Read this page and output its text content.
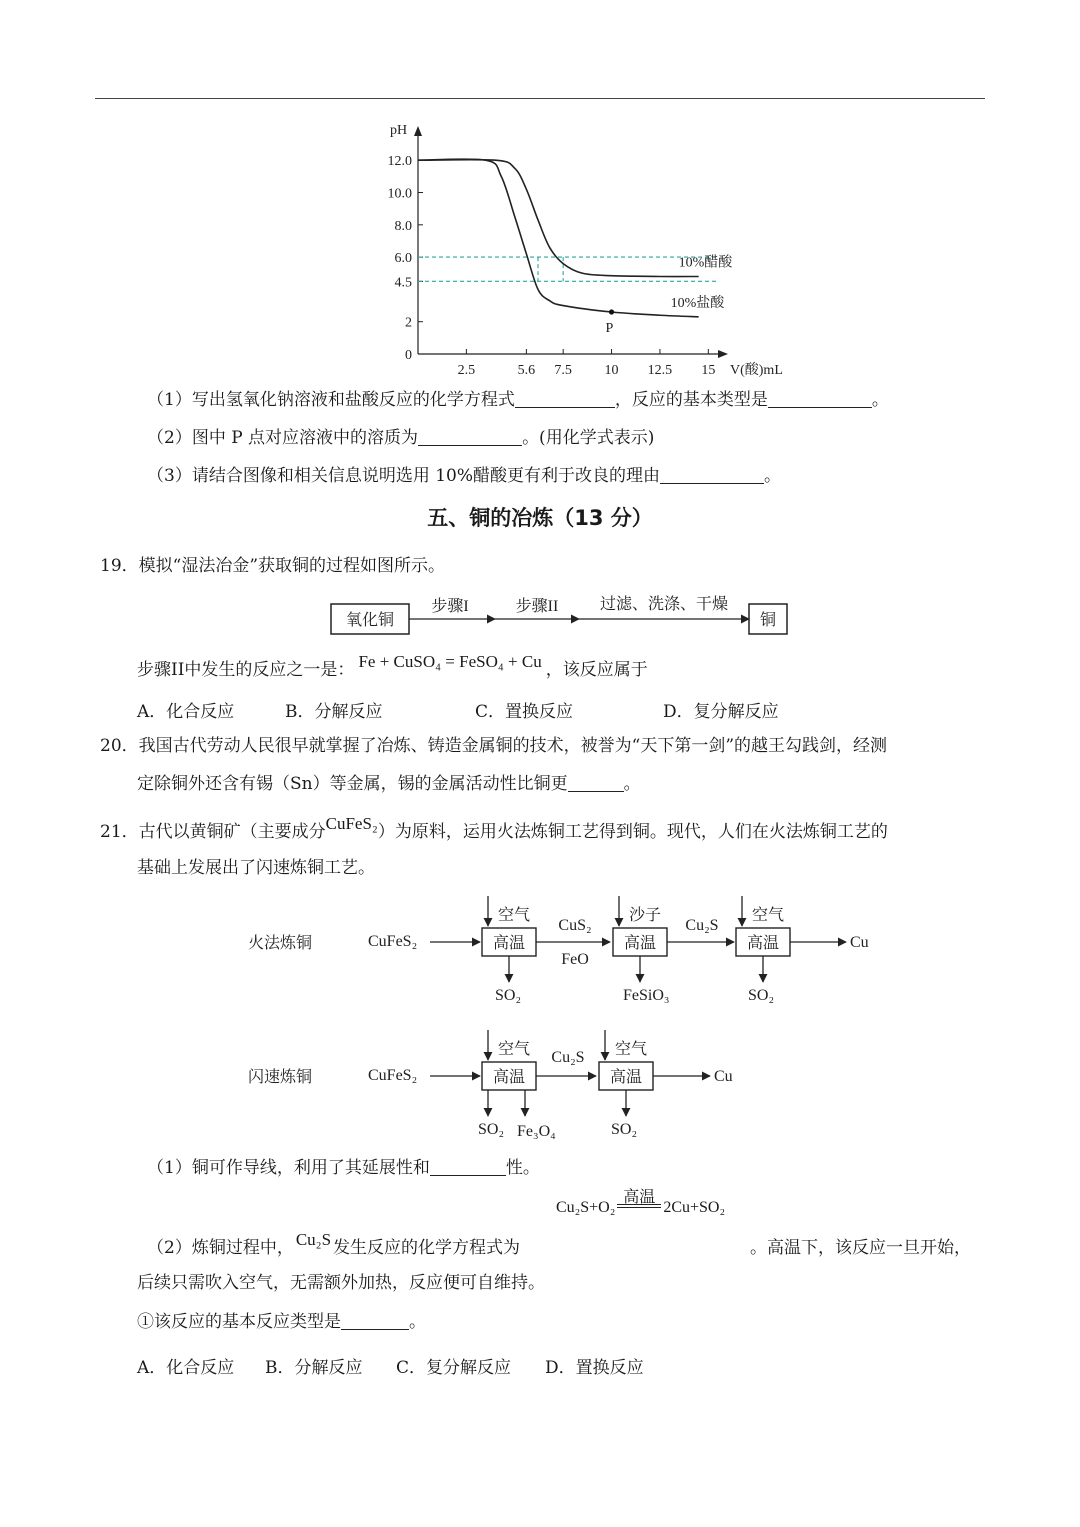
pH
12.0
10.0
8.0
6.0
4.5
2
0
2.5	5.6 7.5 10 12.5 15 V(酸)mL
10%醋酸
10%盐酸
P
（1）写出氢氧化钠溶液和盐酸反应的化学方程式	，反应的基本类型是	。
（2）图中 P 点对应溶液中的溶质为	。(用化学式表示)
（3）请结合图像和相关信息说明选用 10%醋酸更有利于改良的理由	。
五、铜的冶炼（13 分）
19．模拟“湿法冶金”获取铜的过程如图所示。
氧化铜
步骤I	步骤II	过滤、洗涤、干燥
铜
步骤II中发生的反应之一是： Fe + CuSO₄ = FeSO₄ + Cu ，该反应属于
A．化合反应	B．分解反应	C．置换反应	D．复分解反应
20．我国古代劳动人民很早就掌握了冶炼、铸造金属铜的技术，被誉为“天下第一剑”的越王勾践剑，经测
定除铜外还含有锡（Sn）等金属，锡的金属活动性比铜更	。
21．古代以黄铜矿（主要成分CuFeS₂）为原料，运用火法炼铜工艺得到铜。现代，人们在火法炼铜工艺的
基础上发展出了闪速炼铜工艺。
火法炼铜	CuFeS₂	高温
空气
SO₂
CuS₂
FeO
高温
沙子
FeSiO₃
Cu₂S
高温
空气
SO₂
Cu
闪速炼铜	CuFeS₂	高温
空气
SO₂ Fe₃O₄
Cu₂S
高温
空气
SO₂
Cu
（1）铜可作导线，利用了其延展性和	性。
Cu₂S+O₂
高温
2Cu+SO₂
（2）炼铜过程中， Cu₂S 发生反应的化学方程式为	。高温下，该反应一旦开始，
后续只需吹入空气，无需额外加热，反应便可自维持。
①该反应的基本反应类型是	。
A．化合反应 B．分解反应 C．复分解反应 D．置换反应
